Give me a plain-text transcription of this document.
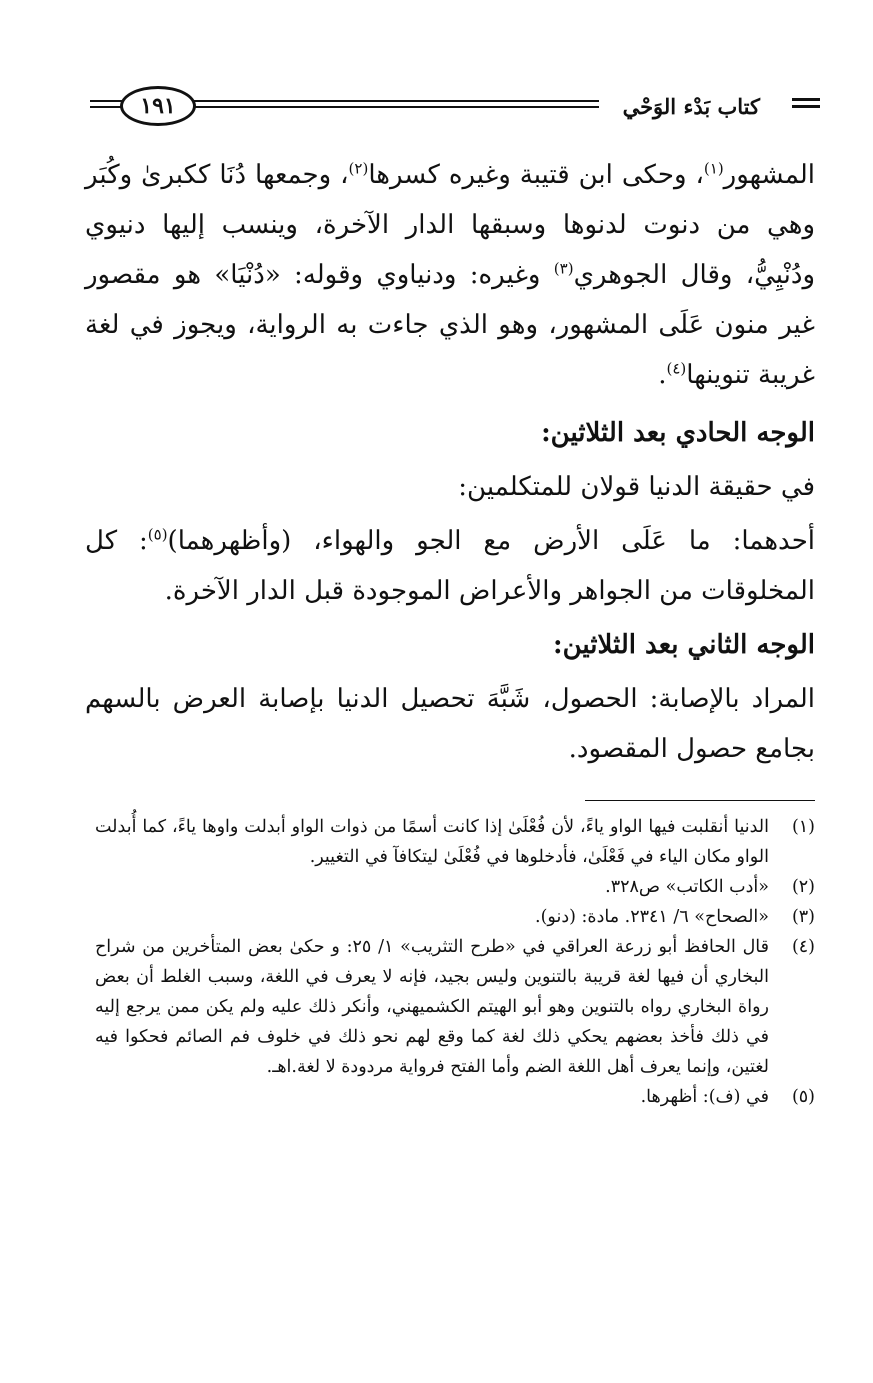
كتاب بَدْء الوَحْي
١٩١

المشهور$^{(١)}$، وحكى ابن قتيبة وغيره كسرها$^{(٢)}$، وجمعها دُنَا ككبرىٰ وكُبَر وهي من دنوت لدنوها وسبقها الدار الآخرة، وينسب إليها دنيوي ودُنْيِيُّ، وقال الجوهري$^{(٣)}$ وغيره: ودنياوي وقوله: «دُنْيَا» هو مقصور غير منون عَلَى المشهور، وهو الذي جاءت به الرواية، ويجوز في لغة غريبة تنوينها$^{(٤)}$.

الوجه الحادي بعد الثلاثين:

في حقيقة الدنيا قولان للمتكلمين:

أحدهما: ما عَلَى الأرض مع الجو والهواء، (وأظهرهما)$^{(٥)}$: كل المخلوقات من الجواهر والأعراض الموجودة قبل الدار الآخرة.

الوجه الثاني بعد الثلاثين:

المراد بالإصابة: الحصول، شَبَّهَ تحصيل الدنيا بإصابة العرض بالسهم بجامع حصول المقصود.

(١)
الدنيا أنقلبت فيها الواو ياءً، لأن فُعْلَىٰ إذا كانت أسمًا من ذوات الواو أبدلت واوها ياءً، كما أُبدلت الواو مكان الياء في فَعْلَىٰ، فأدخلوها في فُعْلَىٰ ليتكافآ في التغيير.
(٢)
«أدب الكاتب» ص٣٢٨.
(٣)
«الصحاح» ٦/ ٢٣٤١. مادة: (دنو).
(٤)
قال الحافظ أبو زرعة العراقي في «طرح التثريب» ١/ ٢٥: و حكىٰ بعض المتأخرين من شراح البخاري أن فيها لغة قريبة بالتنوين وليس بجيد، فإنه لا يعرف في اللغة، وسبب الغلط أن بعض رواة البخاري رواه بالتنوين وهو أبو الهيتم الكشميهني، وأنكر ذلك عليه ولم يكن ممن يرجع إليه في ذلك فأخذ بعضهم يحكي ذلك لغة كما وقع لهم نحو ذلك في خلوف فم الصائم فحكوا فيه لغتين، وإنما يعرف أهل اللغة الضم وأما الفتح فرواية مردودة لا لغة.اهـ.
(٥)
في (ف): أظهرها.
